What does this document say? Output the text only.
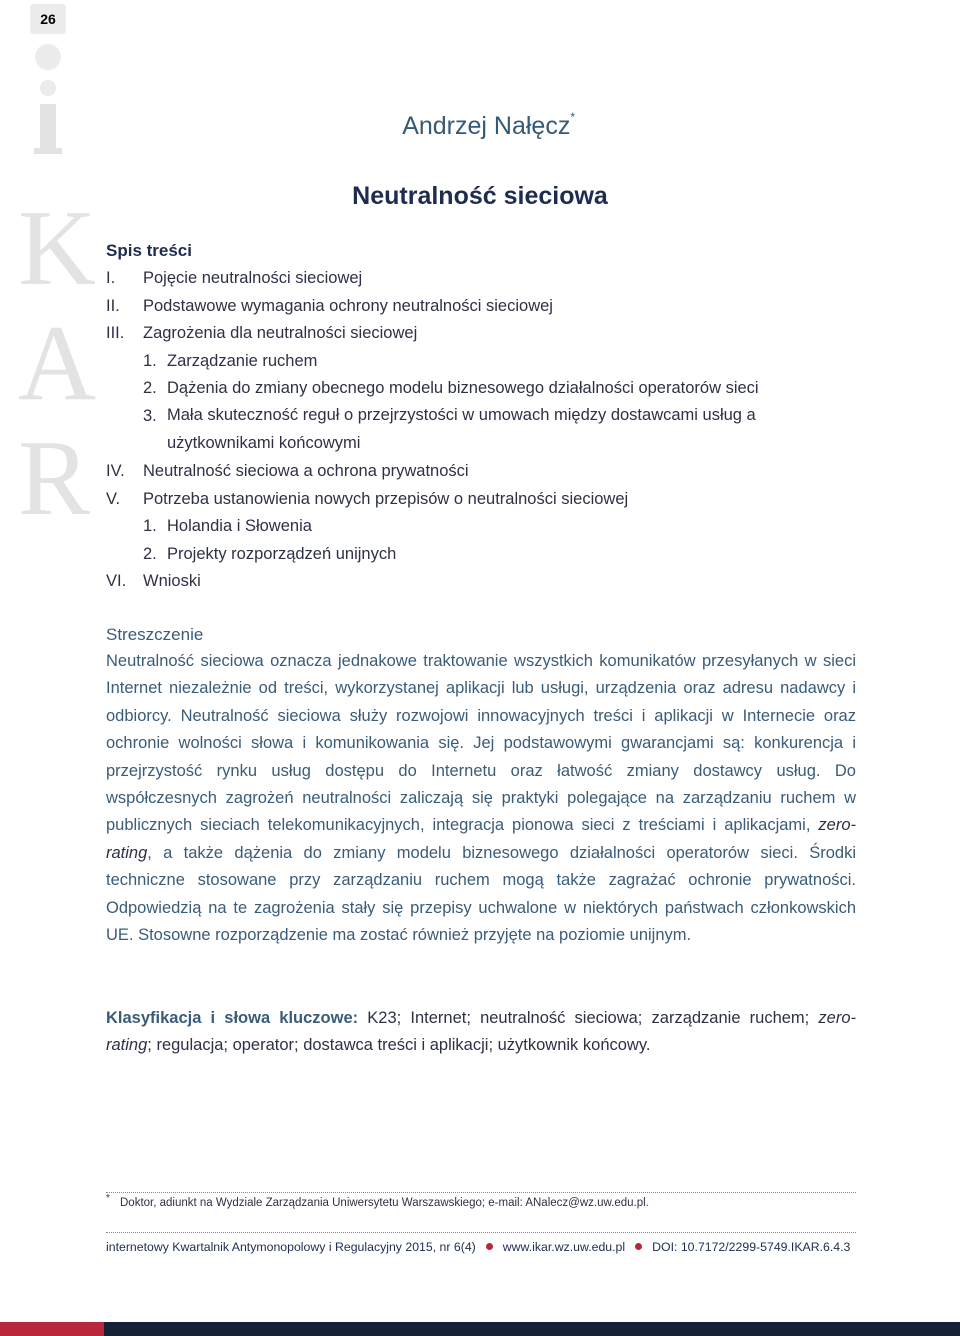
26
K
A
R
Andrzej Nałęcz*
Neutralność sieciowa
Spis treści
I. Pojęcie neutralności sieciowej
II. Podstawowe wymagania ochrony neutralności sieciowej
III. Zagrożenia dla neutralności sieciowej
1. Zarządzanie ruchem
2. Dążenia do zmiany obecnego modelu biznesowego działalności operatorów sieci
3. Mała skuteczność reguł o przejrzystości w umowach między dostawcami usług a użytkownikami końcowymi
IV. Neutralność sieciowa a ochrona prywatności
V. Potrzeba ustanowienia nowych przepisów o neutralności sieciowej
1. Holandia i Słowenia
2. Projekty rozporządzeń unijnych
VI. Wnioski
Streszczenie
Neutralność sieciowa oznacza jednakowe traktowanie wszystkich komunikatów przesyłanych w sieci Internet niezależnie od treści, wykorzystanej aplikacji lub usługi, urządzenia oraz adresu nadawcy i odbiorcy. Neutralność sieciowa służy rozwojowi innowacyjnych treści i aplikacji w Internecie oraz ochronie wolności słowa i komunikowania się. Jej podstawowymi gwarancjami są: konkurencja i przejrzystość rynku usług dostępu do Internetu oraz łatwość zmiany dostawcy usług. Do współczesnych zagrożeń neutralności zaliczają się praktyki polegające na zarządzaniu ruchem w publicznych sieciach telekomunikacyjnych, integracja pionowa sieci z treściami i aplikacjami, zero-rating, a także dążenia do zmiany modelu biznesowego działalności operatorów sieci. Środki techniczne stosowane przy zarządzaniu ruchem mogą także zagrażać ochronie prywatności. Odpowiedzią na te zagrożenia stały się przepisy uchwalone w niektórych państwach członkowskich UE. Stosowne rozporządzenie ma zostać również przyjęte na poziomie unijnym.
Klasyfikacja i słowa kluczowe: K23; Internet; neutralność sieciowa; zarządzanie ruchem; zero-rating; regulacja; operator; dostawca treści i aplikacji; użytkownik końcowy.
* Doktor, adiunkt na Wydziale Zarządzania Uniwersytetu Warszawskiego; e-mail: ANalecz@wz.uw.edu.pl.
internetowy Kwartalnik Antymonopolowy i Regulacyjny 2015, nr 6(4) www.ikar.wz.uw.edu.pl DOI: 10.7172/2299-5749.IKAR.6.4.3
